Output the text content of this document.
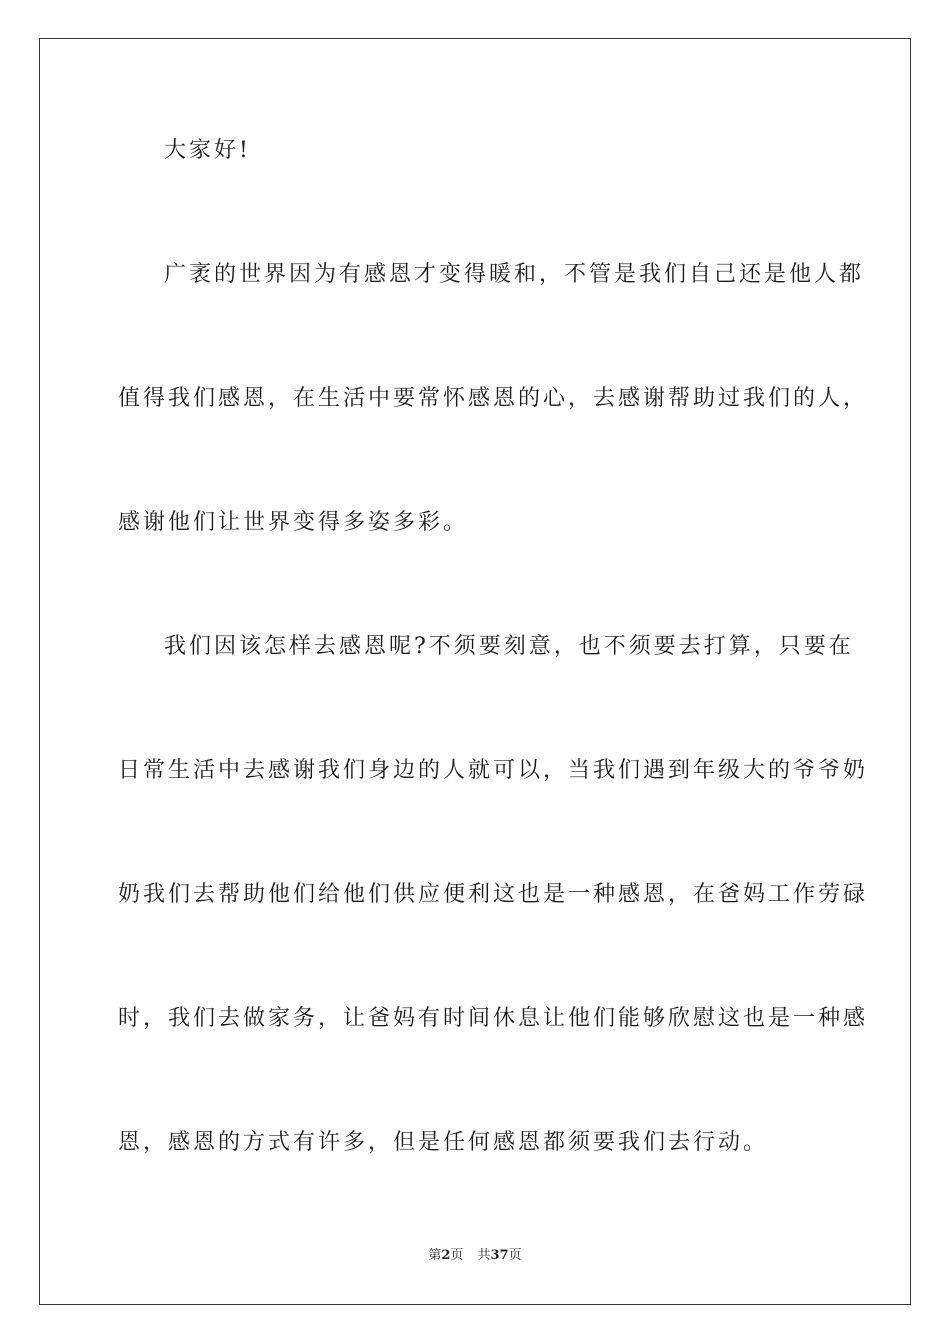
大家好!
广袤的世界因为有感恩才变得暖和，不管是我们自己还是他人都
值得我们感恩，在生活中要常怀感恩的心，去感谢帮助过我们的人，
感谢他们让世界变得多姿多彩。
我们因该怎样去感恩呢?不须要刻意，也不须要去打算，只要在
日常生活中去感谢我们身边的人就可以，当我们遇到年级大的爷爷奶
奶我们去帮助他们给他们供应便利这也是一种感恩，在爸妈工作劳碌
时，我们去做家务，让爸妈有时间休息让他们能够欣慰这也是一种感
恩，感恩的方式有许多，但是任何感恩都须要我们去行动。
第2页 共37页
